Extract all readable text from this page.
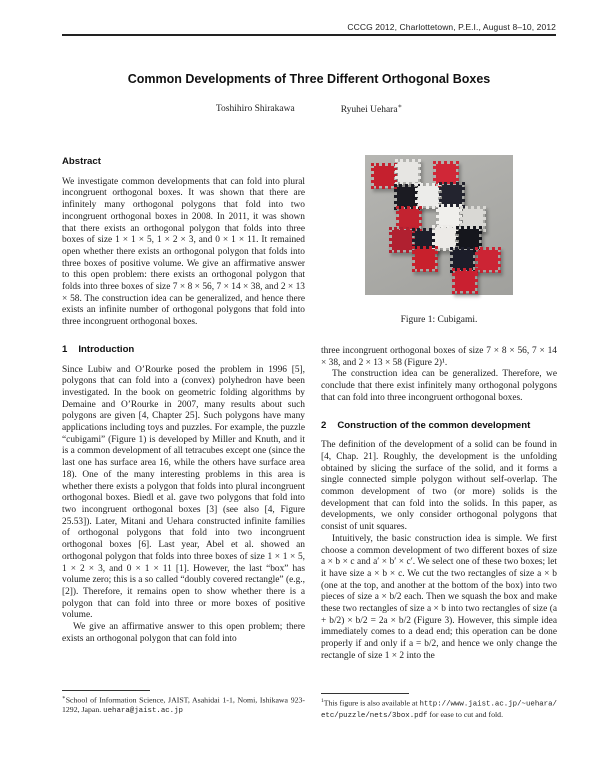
CCCG 2012, Charlottetown, P.E.I., August 8–10, 2012
Common Developments of Three Different Orthogonal Boxes
Toshihiro Shirakawa	Ryuhei Uehara∗
Abstract

We investigate common developments that can fold into plural incongruent orthogonal boxes. It was shown that there are infinitely many orthogonal polygons that fold into two incongruent orthogonal boxes in 2008. In 2011, it was shown that there exists an orthogonal polygon that folds into three boxes of size 1 × 1 × 5, 1 × 2 × 3, and 0 × 1 × 11. It remained open whether there exists an orthogonal polygon that folds into three boxes of positive volume. We give an affirmative answer to this open problem: there exists an orthogonal polygon that folds into three boxes of size 7 × 8 × 56, 7 × 14 × 38, and 2 × 13 × 58. The construction idea can be generalized, and hence there exists an infinite number of orthogonal polygons that fold into three incongruent orthogonal boxes.

1 Introduction

Since Lubiw and O’Rourke posed the problem in 1996 [5], polygons that can fold into a (convex) polyhedron have been investigated. In the book on geometric folding algorithms by Demaine and O’Rourke in 2007, many results about such polygons are given [4, Chapter 25]. Such polygons have many applications including toys and puzzles. For example, the puzzle “cubigami” (Figure 1) is developed by Miller and Knuth, and it is a common development of all tetracubes except one (since the last one has surface area 16, while the others have surface area 18). One of the many interesting problems in this area is whether there exists a polygon that folds into plural incongruent orthogonal boxes. Biedl et al. gave two polygons that fold into two incongruent orthogonal boxes [3] (see also [4, Figure 25.53]). Later, Mitani and Uehara constructed infinite families of orthogonal polygons that fold into two incongruent orthogonal boxes [6]. Last year, Abel et al. showed an orthogonal polygon that folds into three boxes of size 1 × 1 × 5, 1 × 2 × 3, and 0 × 1 × 11 [1]. However, the last “box” has volume zero; this is a so called “doubly covered rectangle” (e.g., [2]). Therefore, it remains open to show whether there is a polygon that can fold into three or more boxes of positive volume.

We give an affirmative answer to this open problem; there exists an orthogonal polygon that can fold into

Figure 1: Cubigami.

three incongruent orthogonal boxes of size 7 × 8 × 56, 7 × 14 × 38, and 2 × 13 × 58 (Figure 2)¹.

The construction idea can be generalized. Therefore, we conclude that there exist infinitely many orthogonal polygons that can fold into three incongruent orthogonal boxes.

2 Construction of the common development

The definition of the development of a solid can be found in [4, Chap. 21]. Roughly, the development is the unfolding obtained by slicing the surface of the solid, and it forms a single connected simple polygon without self-overlap. The common development of two (or more) solids is the development that can fold into the solids. In this paper, as developments, we only consider orthogonal polygons that consist of unit squares.

Intuitively, the basic construction idea is simple. We first choose a common development of two different boxes of size a × b × c and a′ × b′ × c′. We select one of these two boxes; let it have size a × b × c. We cut the two rectangles of size a × b (one at the top, and another at the bottom of the box) into two pieces of size a × b/2 each. Then we squash the box and make these two rectangles of size a × b into two rectangles of size (a + b/2) × b/2 = 2a × b/2 (Figure 3). However, this simple idea immediately comes to a dead end; this operation can be done properly if and only if a = b/2, and hence we only change the rectangle of size 1 × 2 into the

∗School of Information Science, JAIST, Asahidai 1-1, Nomi, Ishikawa 923-1292, Japan. uehara@jaist.ac.jp

$^1$This figure is also available at http://www.jaist.ac.jp/~uehara/etc/puzzle/nets/3box.pdf for ease to cut and fold.
